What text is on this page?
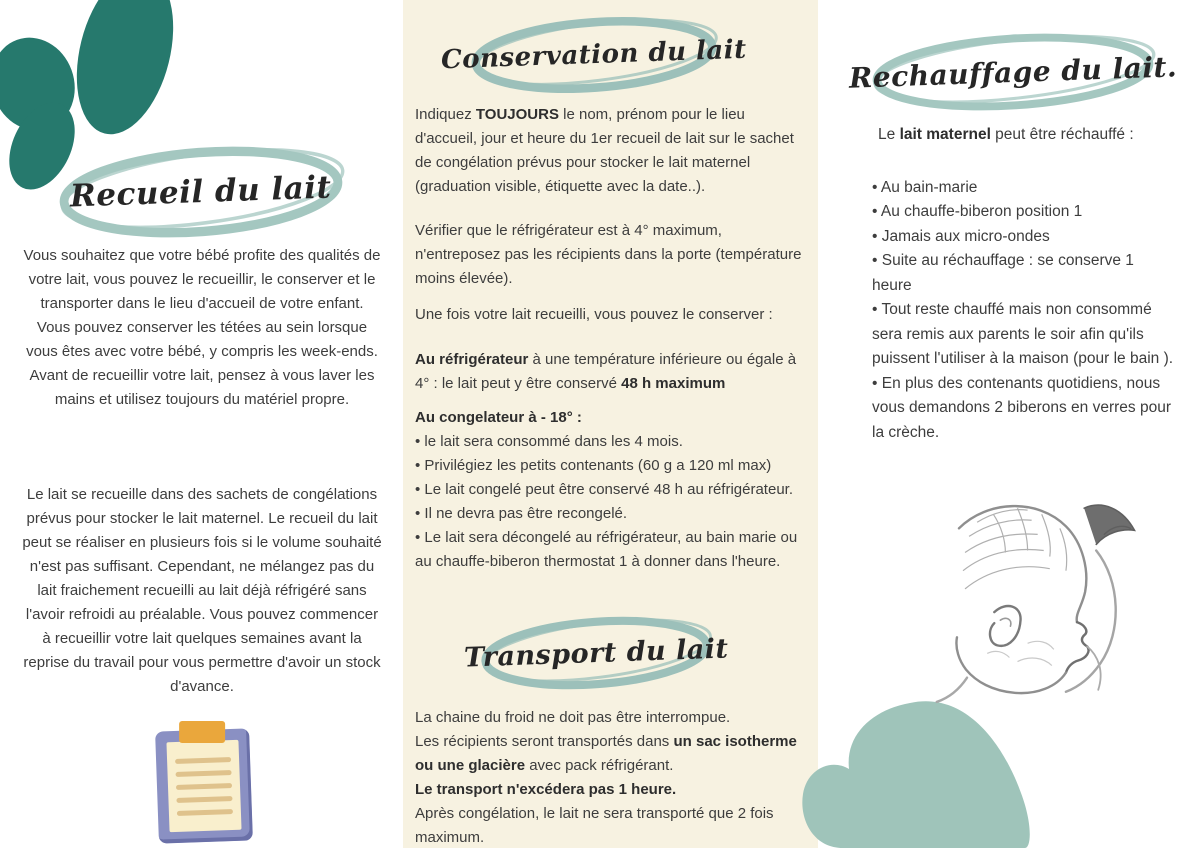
Recueil du lait

Vous souhaitez que votre bébé profite des qualités de votre lait, vous pouvez le recueillir, le conserver et le transporter dans le lieu d'accueil de votre enfant.

Vous pouvez conserver les tétées au sein lorsque vous êtes avec votre bébé, y compris les week-ends.

Avant de recueillir votre lait, pensez à vous laver les mains et utilisez toujours du matériel propre.

Le lait se recueille dans des sachets de congélations prévus pour stocker le lait maternel. Le recueil du lait peut se réaliser en plusieurs fois si le volume souhaité n'est pas suffisant. Cependant, ne mélangez pas du lait fraichement recueilli au lait déjà réfrigéré sans l'avoir refroidi au préalable. Vous pouvez commencer à recueillir votre lait quelques semaines avant la reprise du travail pour vous permettre d'avoir un stock d'avance.

Conservation du lait

Indiquez TOUJOURS le nom, prénom pour le lieu d'accueil, jour et heure du 1er recueil de lait sur le sachet de congélation prévus pour stocker le lait maternel (graduation visible, étiquette avec la date..).

Vérifier que le réfrigérateur est à 4° maximum, n'entreposez pas les récipients dans la porte (température moins élevée).

Une fois votre lait recueilli, vous pouvez le conserver :

Au réfrigérateur à une température inférieure ou égale à 4° : le lait peut y être conservé 48 h maximum

Au congelateur à - 18° :

• le lait sera consommé dans les 4 mois.
• Privilégiez les petits contenants (60 g a 120 ml max)
• Le lait congelé peut être conservé 48 h au réfrigérateur.
• Il ne devra pas être recongelé.
• Le lait sera décongelé au réfrigérateur, au bain marie ou au chauffe-biberon thermostat 1 à donner dans l'heure.
Transport du lait

La chaine du froid ne doit pas être interrompue.

Les récipients seront transportés dans un sac isotherme ou une glacière avec pack réfrigérant.

Le transport n'excédera pas 1 heure.

Après congélation, le lait ne sera transporté que 2 fois maximum.

Rechauffage du lait.

Le lait maternel peut être réchauffé :

• Au bain-marie
• Au chauffe-biberon position 1
• Jamais aux micro-ondes
• Suite au réchauffage : se conserve 1 heure
• Tout reste chauffé mais non consommé sera remis aux parents le soir afin qu'ils puissent l'utiliser à la maison (pour le bain ).
• En plus des contenants quotidiens, nous vous demandons 2 biberons en verres pour la crèche.
